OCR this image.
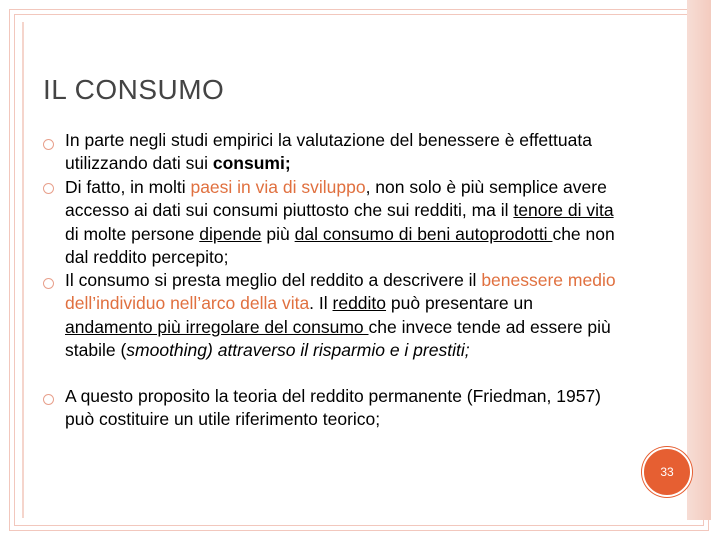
IL CONSUMO
In parte negli studi empirici la valutazione del benessere è effettuata utilizzando dati sui consumi;
Di fatto, in molti paesi in via di sviluppo, non solo è più semplice avere accesso ai dati sui consumi piuttosto che sui redditi, ma il tenore di vita di molte persone dipende più dal consumo di beni autoprodotti che non dal reddito percepito;
Il consumo si presta meglio del reddito a descrivere il benessere medio dell’individuo nell’arco della vita. Il reddito può presentare un andamento più irregolare del consumo che invece tende ad essere più stabile (smoothing) attraverso il risparmio e i prestiti;
A questo proposito la teoria del reddito permanente (Friedman, 1957) può costituire un utile riferimento teorico;
33
